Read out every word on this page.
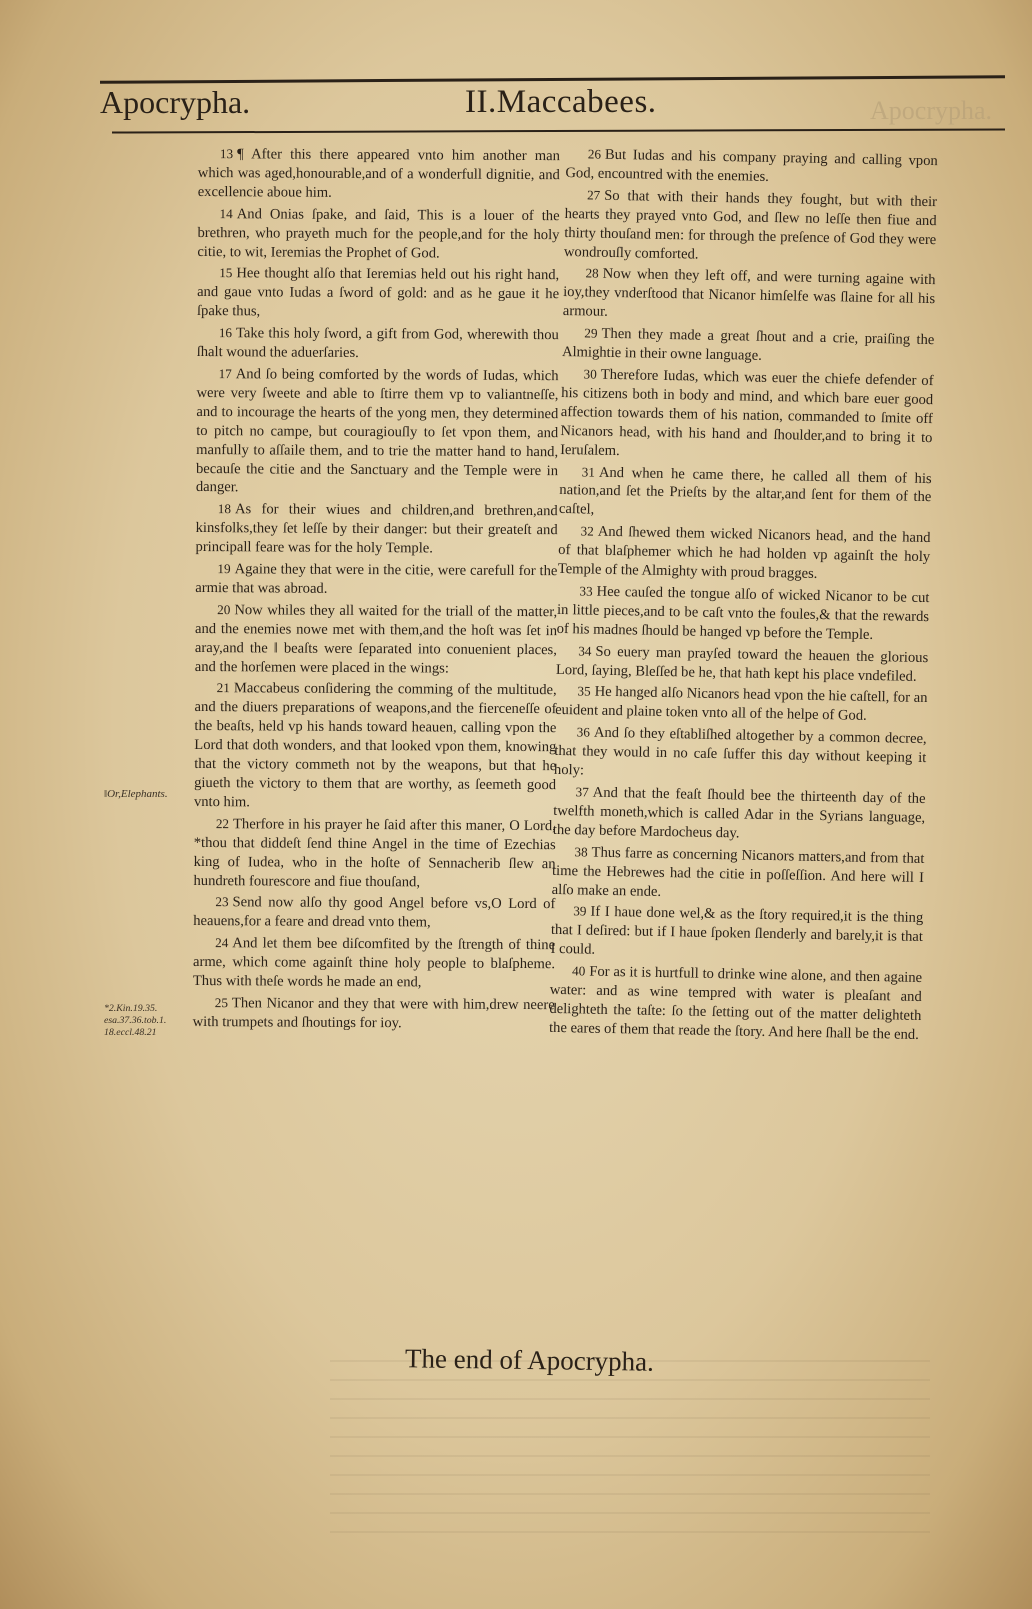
Apocrypha.	II.Maccabees.	Apocrypha.
‖Or,Elephants.
*2.Kin.19.35. esa.37.36.tob.1. 18.eccl.48.21

13 ¶ After this there appeared vnto him another man which was aged,honourable,and of a wonderfull dignitie, and excellencie aboue him.

14 And Onias ſpake, and ſaid, This is a louer of the brethren, who prayeth much for the people,and for the holy citie, to wit, Ieremias the Prophet of God.

15 Hee thought alſo that Ieremias held out his right hand, and gaue vnto Iudas a ſword of gold: and as he gaue it he ſpake thus,

16 Take this holy ſword, a gift from God, wherewith thou ſhalt wound the aduerſaries.

17 And ſo being comforted by the words of Iudas, which were very ſweete and able to ſtirre them vp to valiantneſſe, and to incourage the hearts of the yong men, they determined to pitch no campe, but couragiouſly to ſet vpon them, and manfully to aſſaile them, and to trie the matter hand to hand, becauſe the citie and the Sanctuary and the Temple were in danger.

18 As for their wiues and children,and brethren,and kinsfolks,they ſet leſſe by their danger: but their greateſt and principall feare was for the holy Temple.

19 Againe they that were in the citie, were carefull for the armie that was abroad.

20 Now whiles they all waited for the triall of the matter, and the enemies nowe met with them,and the hoſt was ſet in aray,and the ‖ beaſts were ſeparated into conuenient places, and the horſemen were placed in the wings:

21 Maccabeus conſidering the comming of the multitude, and the diuers preparations of weapons,and the fierceneſſe of the beaſts, held vp his hands toward heauen, calling vpon the Lord that doth wonders, and that looked vpon them, knowing that the victory commeth not by the weapons, but that he giueth the victory to them that are worthy, as ſeemeth good vnto him.

22 Therfore in his prayer he ſaid after this maner, O Lord, *thou that diddeſt ſend thine Angel in the time of Ezechias king of Iudea, who in the hoſte of Sennacherib ſlew an hundreth fourescore and fiue thouſand,

23 Send now alſo thy good Angel before vs,O Lord of heauens,for a feare and dread vnto them,

24 And let them bee diſcomfited by the ſtrength of thine arme, which come againſt thine holy people to blaſpheme. Thus with theſe words he made an end,

25 Then Nicanor and they that were with him,drew neere with trumpets and ſhoutings for ioy.

26 But Iudas and his company praying and calling vpon God, encountred with the enemies.

27 So that with their hands they fought, but with their hearts they prayed vnto God, and ſlew no leſſe then fiue and thirty thouſand men: for through the preſence of God they were wondrouſly comforted.

28 Now when they left off, and were turning againe with ioy,they vnderſtood that Nicanor himſelfe was ſlaine for all his armour.

29 Then they made a great ſhout and a crie, praiſing the Almightie in their owne language.

30 Therefore Iudas, which was euer the chiefe defender of his citizens both in body and mind, and which bare euer good affection towards them of his nation, commanded to ſmite off Nicanors head, with his hand and ſhoulder,and to bring it to Ieruſalem.

31 And when he came there, he called all them of his nation,and ſet the Prieſts by the altar,and ſent for them of the caſtel,

32 And ſhewed them wicked Nicanors head, and the hand of that blaſphemer which he had holden vp againſt the holy Temple of the Almighty with proud bragges.

33 Hee cauſed the tongue alſo of wicked Nicanor to be cut in little pieces,and to be caſt vnto the foules,& that the rewards of his madnes ſhould be hanged vp before the Temple.

34 So euery man prayſed toward the heauen the glorious Lord, ſaying, Bleſſed be he, that hath kept his place vndefiled.

35 He hanged alſo Nicanors head vpon the hie caſtell, for an euident and plaine token vnto all of the helpe of God.

36 And ſo they eſtabliſhed altogether by a common decree, that they would in no caſe ſuffer this day without keeping it holy:

37 And that the feaſt ſhould bee the thirteenth day of the twelfth moneth,which is called Adar in the Syrians language, the day before Mardocheus day.

38 Thus farre as concerning Nicanors matters,and from that time the Hebrewes had the citie in poſſeſſion. And here will I alſo make an ende.

39 If I haue done wel,& as the ſtory required,it is the thing that I deſired: but if I haue ſpoken ſlenderly and barely,it is that I could.

40 For as it is hurtfull to drinke wine alone, and then againe water: and as wine tempred with water is pleaſant and delighteth the taſte: ſo the ſetting out of the matter delighteth the eares of them that reade the ſtory. And here ſhall be the end.

The end of Apocrypha.
